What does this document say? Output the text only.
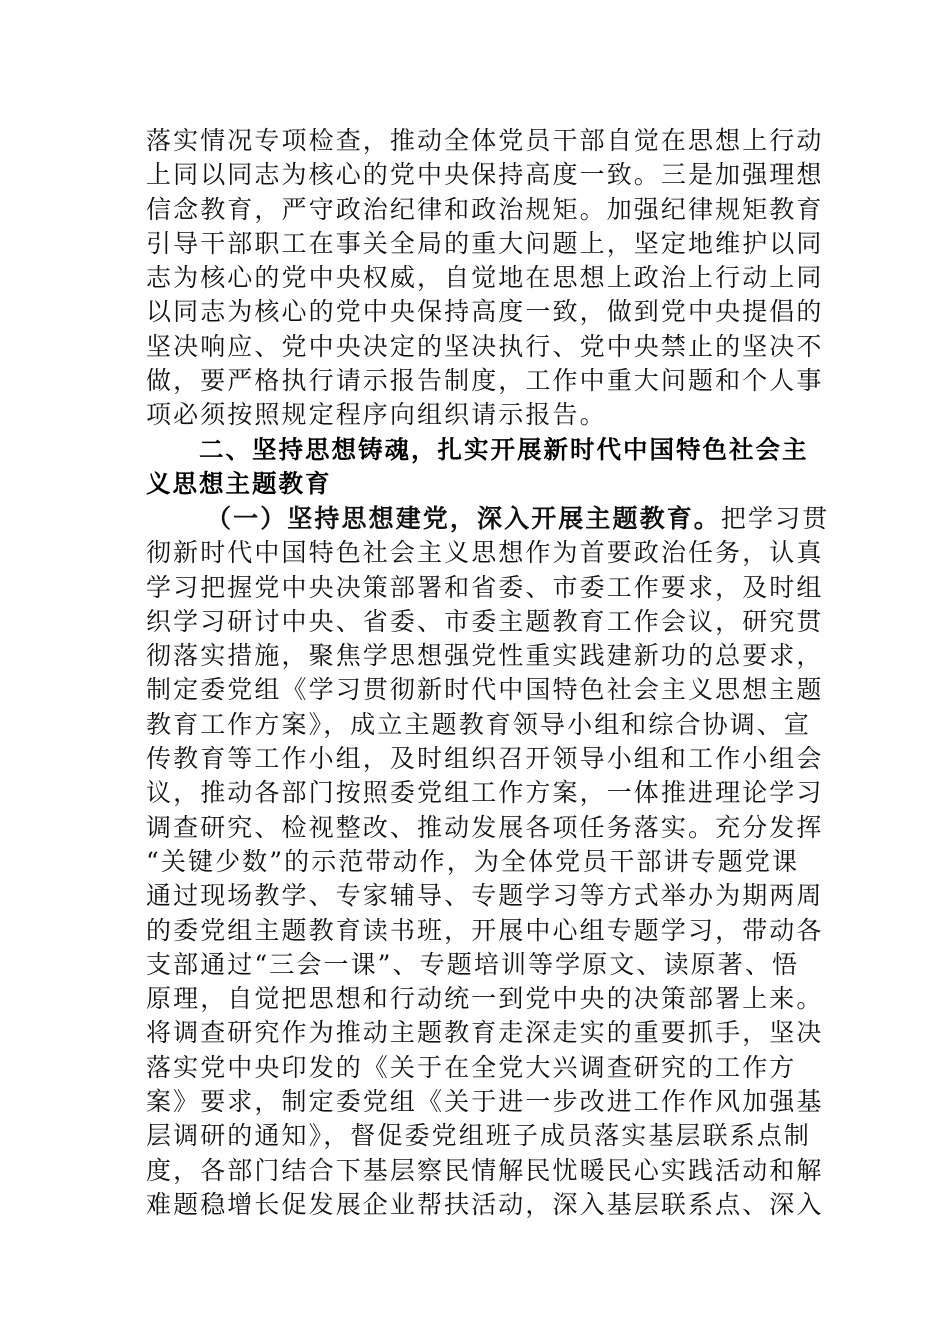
落实情况专项检查，推动全体党员干部自觉在思想上行动
上同以同志为核心的党中央保持高度一致。三是加强理想
信念教育，严守政治纪律和政治规矩。加强纪律规矩教育
引导干部职工在事关全局的重大问题上，坚定地维护以同
志为核心的党中央权威，自觉地在思想上政治上行动上同
以同志为核心的党中央保持高度一致，做到党中央提倡的
坚决响应、党中央决定的坚决执行、党中央禁止的坚决不
做，要严格执行请示报告制度，工作中重大问题和个人事
项必须按照规定程序向组织请示报告。
二、坚持思想铸魂，扎实开展新时代中国特色社会主
义思想主题教育
（一）坚持思想建党，深入开展主题教育。把学习贯
彻新时代中国特色社会主义思想作为首要政治任务，认真
学习把握党中央决策部署和省委、市委工作要求，及时组
织学习研讨中央、省委、市委主题教育工作会议，研究贯
彻落实措施，聚焦学思想强党性重实践建新功的总要求，
制定委党组《学习贯彻新时代中国特色社会主义思想主题
教育工作方案》，成立主题教育领导小组和综合协调、宣
传教育等工作小组，及时组织召开领导小组和工作小组会
议，推动各部门按照委党组工作方案，一体推进理论学习
调查研究、检视整改、推动发展各项任务落实。充分发挥
“关键少数”的示范带动作，为全体党员干部讲专题党课
通过现场教学、专家辅导、专题学习等方式举办为期两周
的委党组主题教育读书班，开展中心组专题学习，带动各
支部通过“三会一课”、专题培训等学原文、读原著、悟
原理，自觉把思想和行动统一到党中央的决策部署上来。
将调查研究作为推动主题教育走深走实的重要抓手，坚决
落实党中央印发的《关于在全党大兴调查研究的工作方
案》要求，制定委党组《关于进一步改进工作作风加强基
层调研的通知》，督促委党组班子成员落实基层联系点制
度，各部门结合下基层察民情解民忧暖民心实践活动和解
难题稳增长促发展企业帮扶活动，深入基层联系点、深入
